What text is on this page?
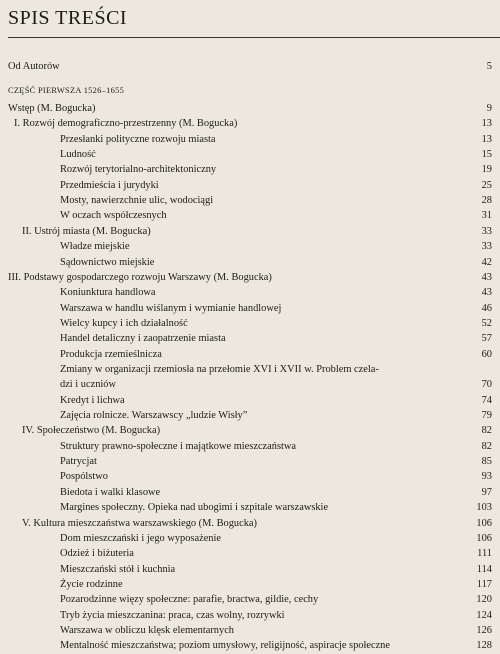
SPIS TREŚCI
Od Autorów	5
CZĘŚĆ PIERWSZA 1526–1655
Wstęp (M. Bogucka)	9
I. Rozwój demograficzno-przestrzenny (M. Bogucka)	13
Przesłanki polityczne rozwoju miasta	13
Ludność	15
Rozwój terytorialno-architektoniczny	19
Przedmieścia i jurydyki	25
Mosty, nawierzchnie ulic, wodociągi	28
W oczach współczesnych	31
II. Ustrój miasta (M. Bogucka)	33
Władze miejskie	33
Sądownictwo miejskie	42
III. Podstawy gospodarczego rozwoju Warszawy (M. Bogucka)	43
Koniunktura handlowa	43
Warszawa w handlu wiślanym i wymianie handlowej	46
Wielcy kupcy i ich działalność	52
Handel detaliczny i zaopatrzenie miasta	57
Produkcja rzemieślnicza	60
Zmiany w organizacji rzemiosła na przełomie XVI i XVII w. Problem czela-
dzi i uczniów	70
Kredyt i lichwa	74
Zajęcia rolnicze. Warszawscy „ludzie Wisły”	79
IV. Społeczeństwo (M. Bogucka)	82
Struktury prawno-społeczne i majątkowe mieszczaństwa	82
Patrycjat	85
Pospólstwo	93
Biedota i walki klasowe	97
Margines społeczny. Opieka nad ubogimi i szpitale warszawskie	103
V. Kultura mieszczaństwa warszawskiego (M. Bogucka)	106
Dom mieszczański i jego wyposażenie	106
Odzież i biżuteria	111
Mieszczański stół i kuchnia	114
Życie rodzinne	117
Pozarodzinne więzy społeczne: parafie, bractwa, gildie, cechy	120
Tryb życia mieszczanina: praca, czas wolny, rozrywki	124
Warszawa w obliczu klęsk elementarnych	126
Mentalność mieszczaństwa; poziom umysłowy, religijność, aspiracje społeczne	128
